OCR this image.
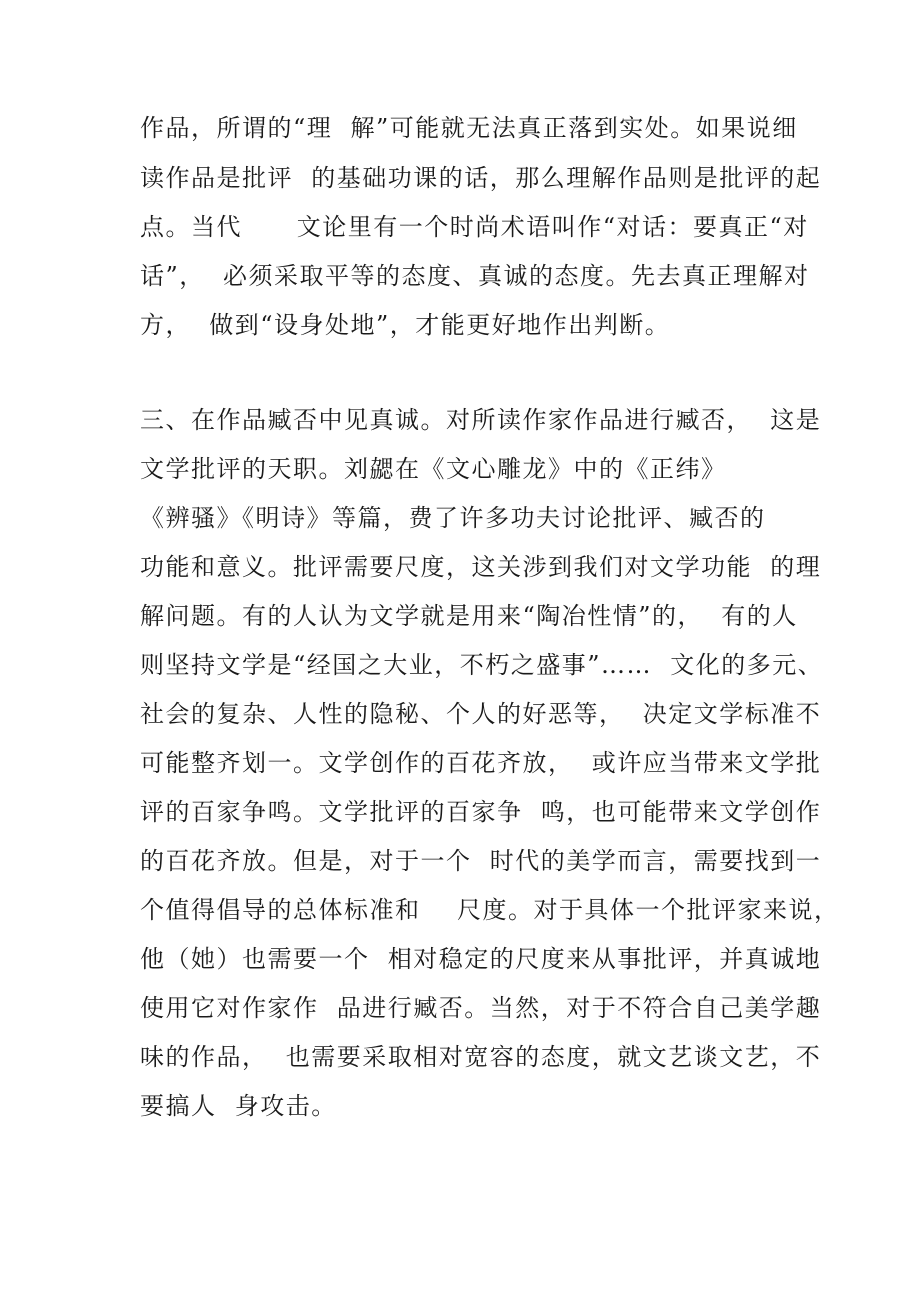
作品，所谓的“理  解”可能就无法真正落到实处。如果说细
读作品是批评  的基础功课的话，那么理解作品则是批评的起
点。当代      文论里有一个时尚术语叫作“对话：要真正“对
话”，  必须采取平等的态度、真诚的态度。先去真正理解对
方，  做到“设身处地”，才能更好地作出判断。
三、在作品臧否中见真诚。对所读作家作品进行臧否，  这是
文学批评的天职。刘勰在《文心雕龙》中的《正纬》
《辨骚》《明诗》等篇，费了许多功夫讨论批评、臧否的
功能和意义。批评需要尺度，这关涉到我们对文学功能  的理
解问题。有的人认为文学就是用来“陶冶性情”的，  有的人
则坚持文学是“经国之大业，不朽之盛事”……  文化的多元、
社会的复杂、人性的隐秘、个人的好恶等，  决定文学标准不
可能整齐划一。文学创作的百花齐放，  或许应当带来文学批
评的百家争鸣。文学批评的百家争  鸣，也可能带来文学创作
的百花齐放。但是，对于一个  时代的美学而言，需要找到一
个值得倡导的总体标准和    尺度。对于具体一个批评家来说，
他（她）也需要一个  相对稳定的尺度来从事批评，并真诚地
使用它对作家作  品进行臧否。当然，对于不符合自己美学趣
味的作品，  也需要采取相对宽容的态度，就文艺谈文艺，不
要搞人  身攻击。
